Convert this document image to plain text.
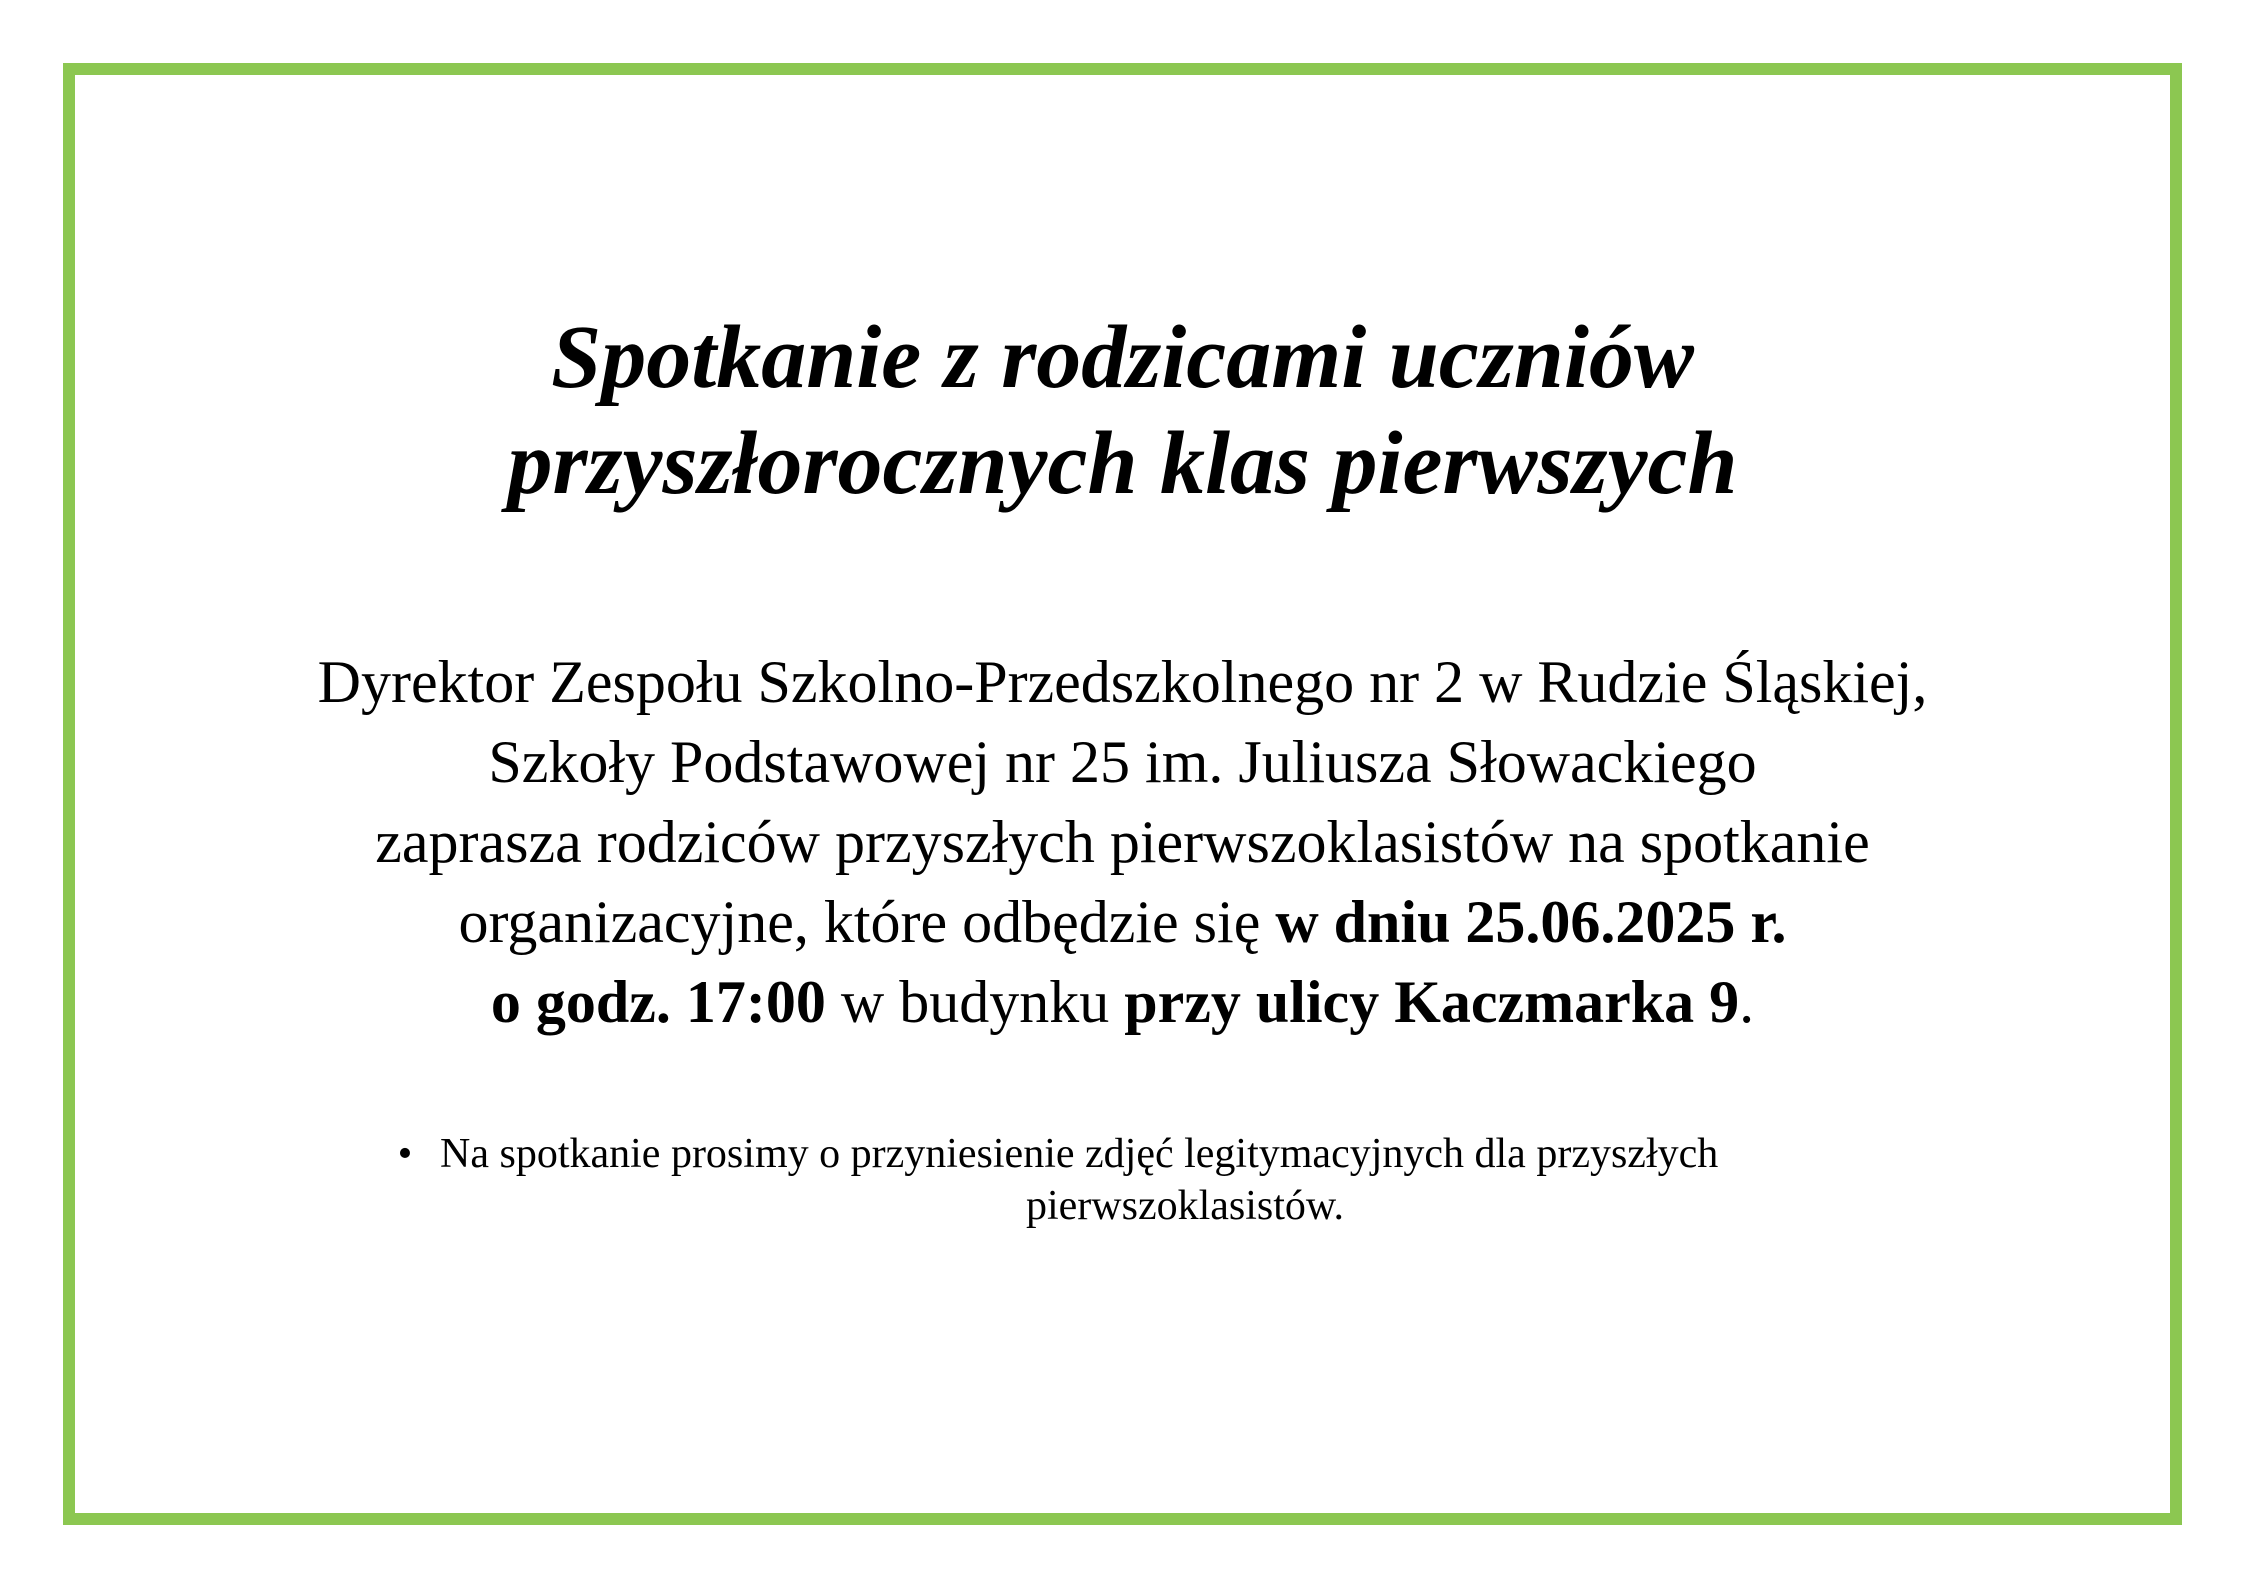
Spotkanie z rodzicami uczniów
przyszłorocznych klas pierwszych

Dyrektor Zespołu Szkolno-Przedszkolnego nr 2 w Rudzie Śląskiej,
Szkoły Podstawowej nr 25 im. Juliusza Słowackiego
zaprasza rodziców przyszłych pierwszoklasistów na spotkanie
organizacyjne, które odbędzie się w dniu 25.06.2025 r.
o godz. 17:00 w budynku przy ulicy Kaczmarka 9.

• Na spotkanie prosimy o przyniesienie zdjęć legitymacyjnych dla przyszłych
pierwszoklasistów.
